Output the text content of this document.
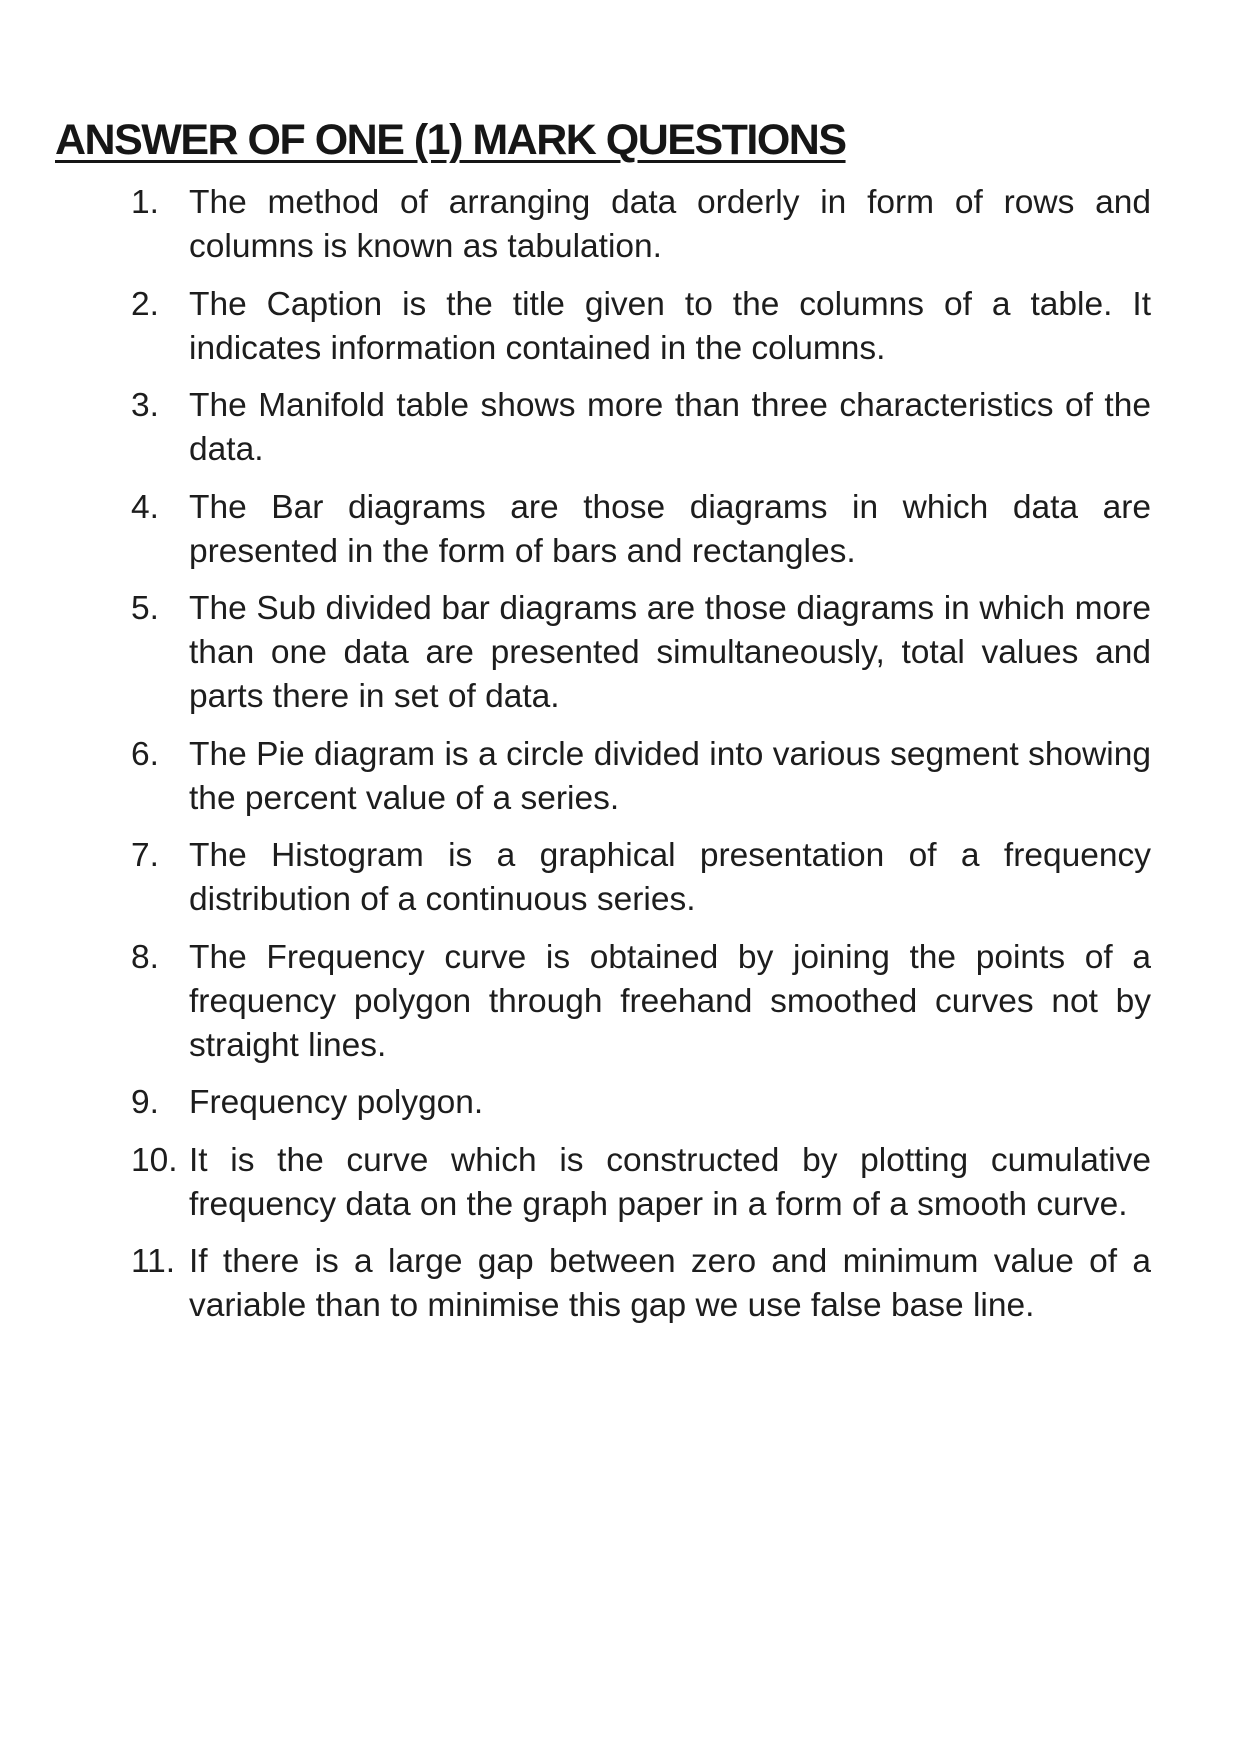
ANSWER OF ONE (1) MARK QUESTIONS
1. The method of arranging data orderly in form of rows and columns is known as tabulation.
2. The Caption is the title given to the columns of a table. It indicates information contained in the columns.
3. The Manifold table shows more than three characteristics of the data.
4. The Bar diagrams are those diagrams in which data are presented in the form of bars and rectangles.
5. The Sub divided bar diagrams are those diagrams in which more than one data are presented simultaneously, total values and parts there in set of data.
6. The Pie diagram is a circle divided into various segment showing the percent value of a series.
7. The Histogram is a graphical presentation of a frequency distribution of a continuous series.
8. The Frequency curve is obtained by joining the points of a frequency polygon through freehand smoothed curves not by straight lines.
9. Frequency polygon.
10. It is the curve which is constructed by plotting cumulative frequency data on the graph paper in a form of a smooth curve.
11. If there is a large gap between zero and minimum value of a variable than to minimise this gap we use false base line.
